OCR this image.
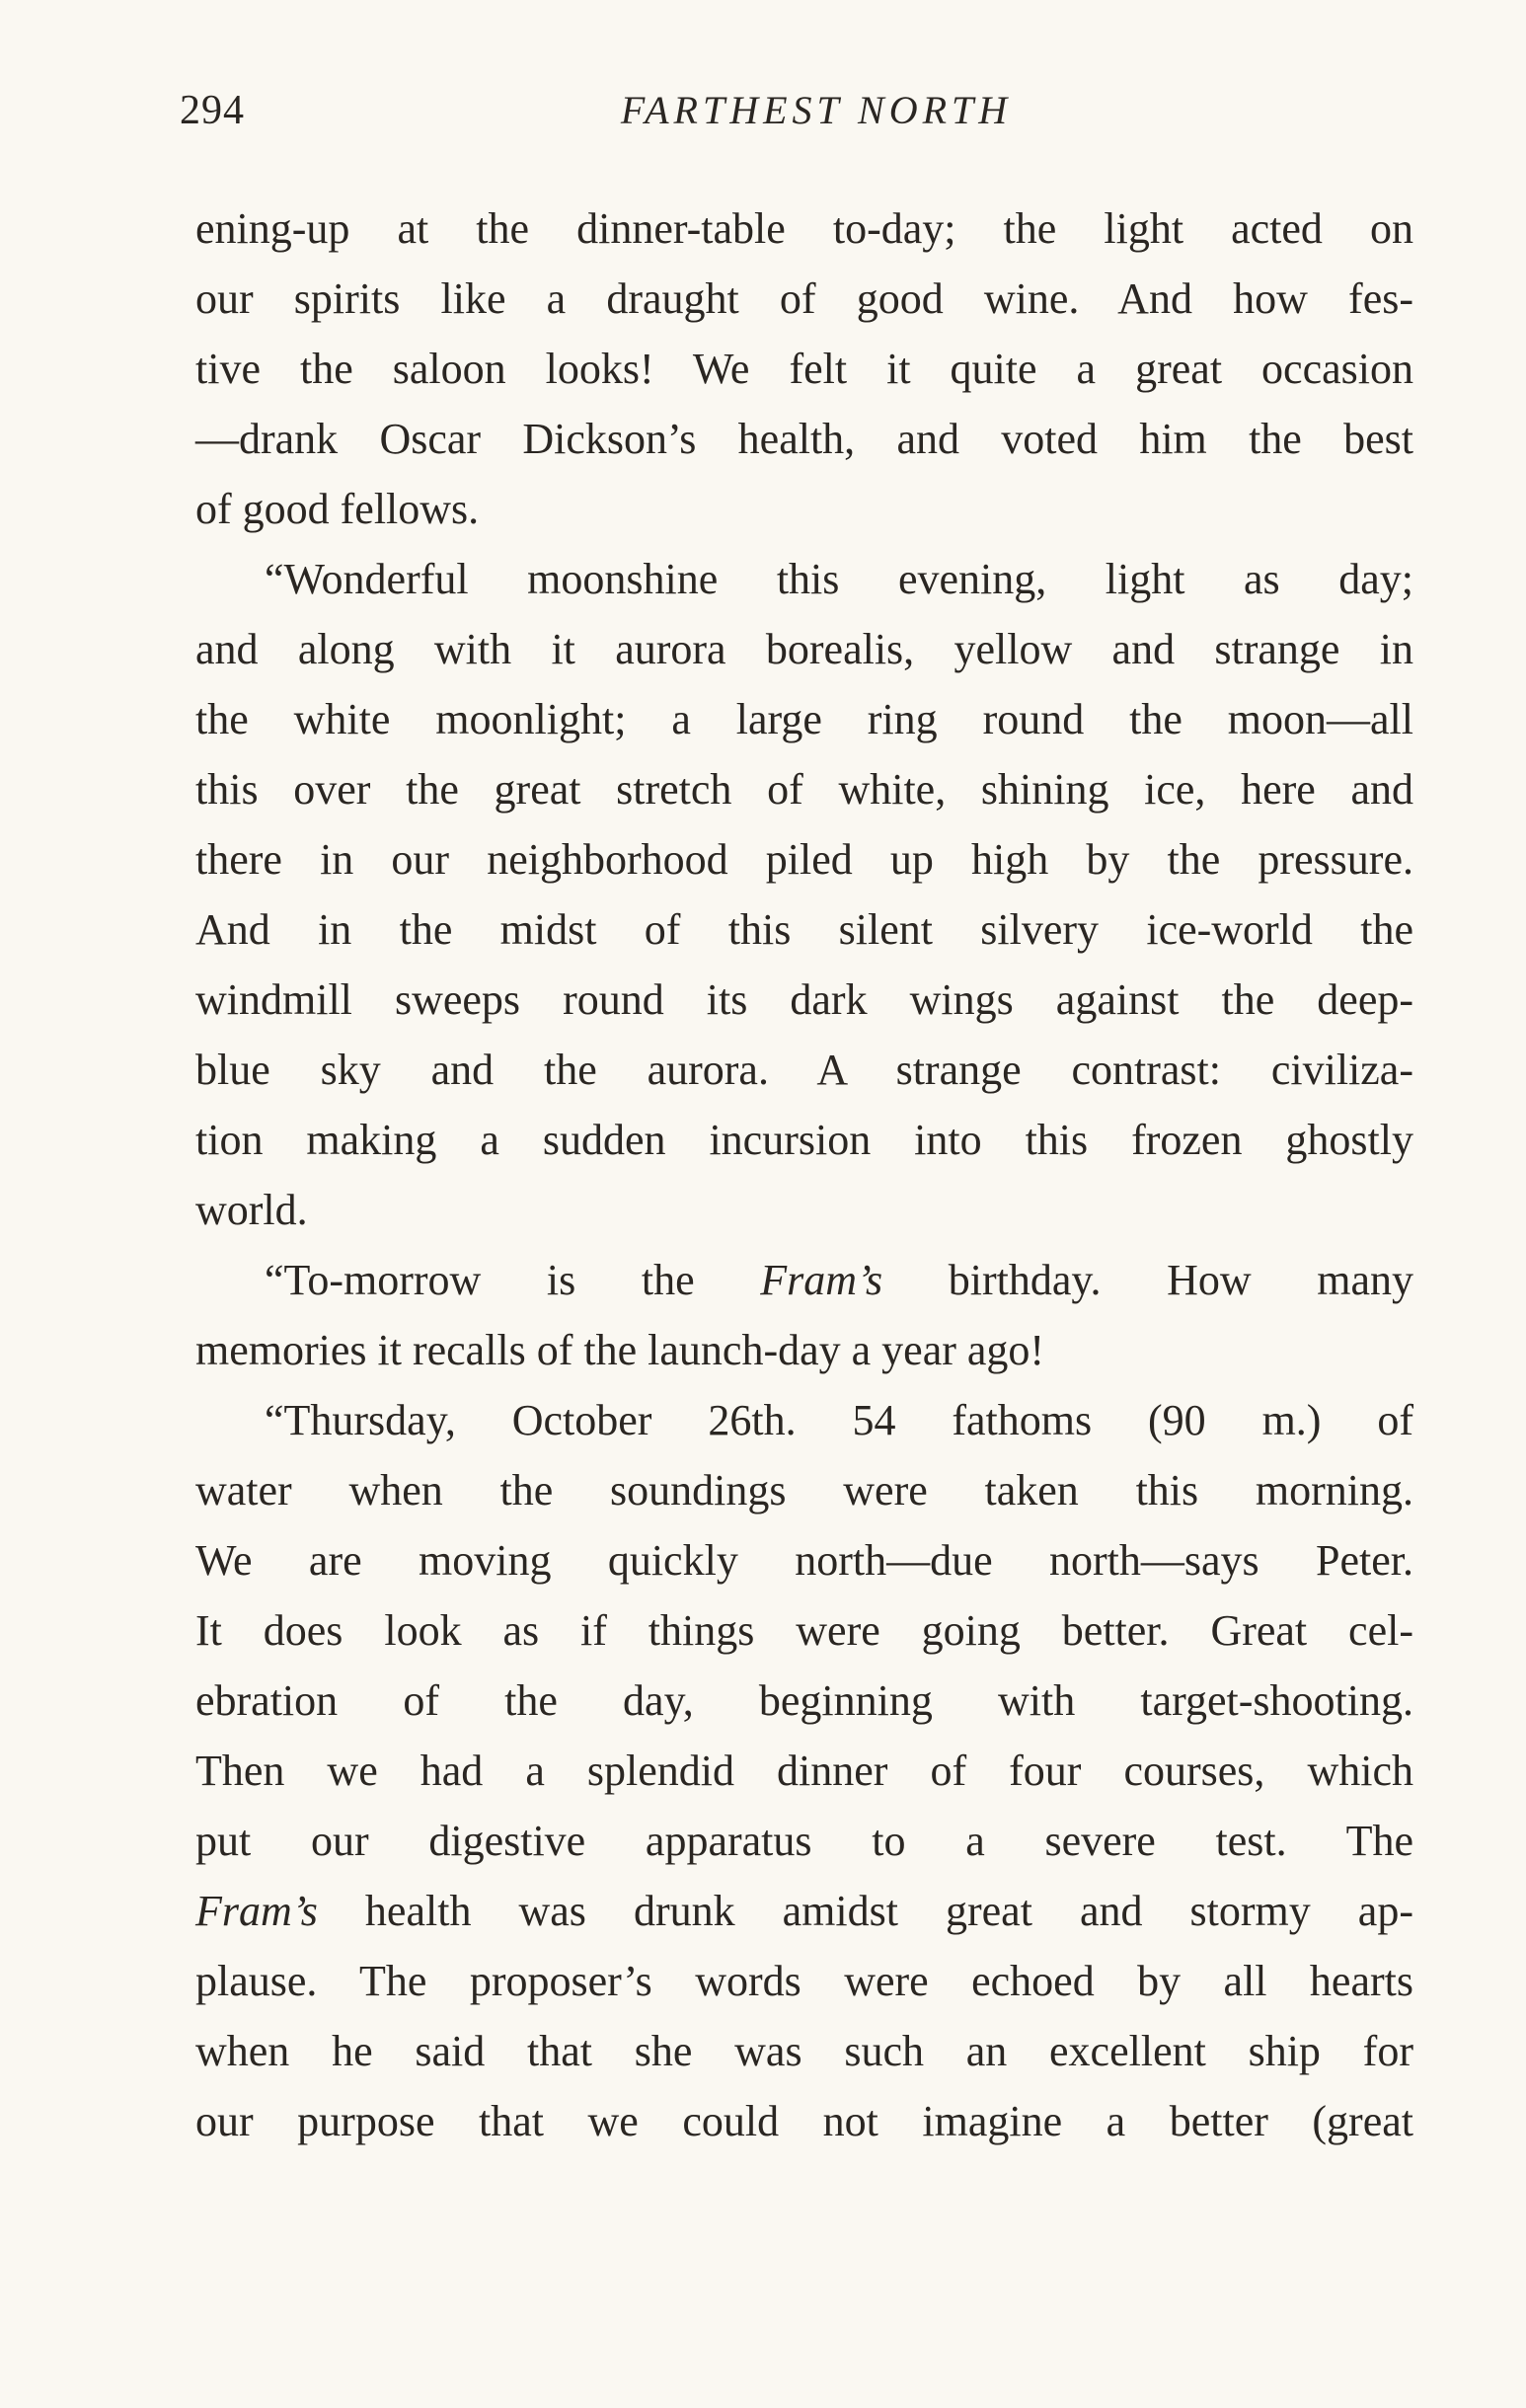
294	FARTHEST NORTH
ening-up at the dinner-table to-day; the light acted on
our spirits like a draught of good wine. And how fes-
tive the saloon looks! We felt it quite a great occasion
—drank Oscar Dickson’s health, and voted him the best
of good fellows.
“Wonderful moonshine this evening, light as day;
and along with it aurora borealis, yellow and strange in
the white moonlight; a large ring round the moon—all
this over the great stretch of white, shining ice, here and
there in our neighborhood piled up high by the pressure.
And in the midst of this silent silvery ice-world the
windmill sweeps round its dark wings against the deep-
blue sky and the aurora. A strange contrast: civiliza-
tion making a sudden incursion into this frozen ghostly
world.
“To-morrow is the Fram’s birthday. How many
memories it recalls of the launch-day a year ago!
“Thursday, October 26th. 54 fathoms (90 m.) of
water when the soundings were taken this morning.
We are moving quickly north—due north—says Peter.
It does look as if things were going better. Great cel-
ebration of the day, beginning with target-shooting.
Then we had a splendid dinner of four courses, which
put our digestive apparatus to a severe test. The
Fram’s health was drunk amidst great and stormy ap-
plause. The proposer’s words were echoed by all hearts
when he said that she was such an excellent ship for
our purpose that we could not imagine a better (great
